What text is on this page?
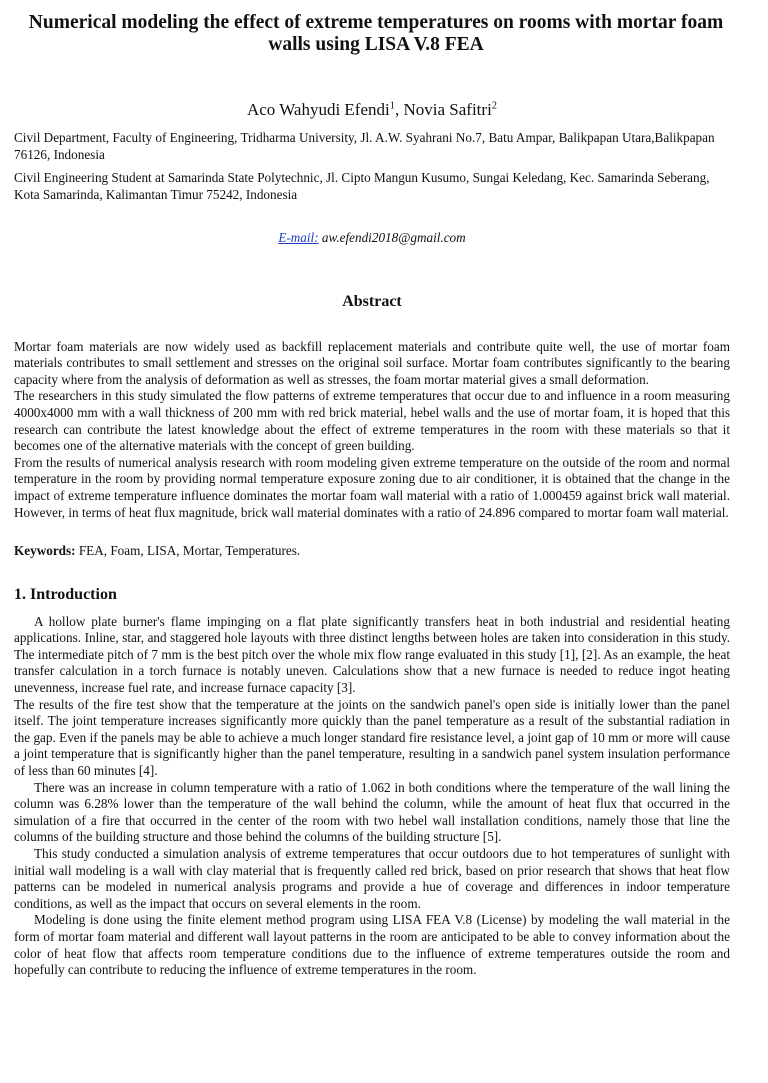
Numerical modeling the effect of extreme temperatures on rooms with mortar foam walls using LISA V.8 FEA
Aco Wahyudi Efendi$^1$, Novia Safitri$^2$
Civil Department, Faculty of Engineering, Tridharma University, Jl. A.W. Syahrani No.7, Batu Ampar, Balikpapan Utara,Balikpapan 76126, Indonesia
Civil Engineering Student at Samarinda State Polytechnic, Jl. Cipto Mangun Kusumo, Sungai Keledang, Kec. Samarinda Seberang, Kota Samarinda, Kalimantan Timur 75242, Indonesia
E-mail: aw.efendi2018@gmail.com
Abstract

Mortar foam materials are now widely used as backfill replacement materials and contribute quite well, the use of mortar foam materials contributes to small settlement and stresses on the original soil surface. Mortar foam contributes significantly to the bearing capacity where from the analysis of deformation as well as stresses, the foam mortar material gives a small deformation.

The researchers in this study simulated the flow patterns of extreme temperatures that occur due to and influence in a room measuring 4000x4000 mm with a wall thickness of 200 mm with red brick material, hebel walls and the use of mortar foam, it is hoped that this research can contribute the latest knowledge about the effect of extreme temperatures in the room with these materials so that it becomes one of the alternative materials with the concept of green building.

From the results of numerical analysis research with room modeling given extreme temperature on the outside of the room and normal temperature in the room by providing normal temperature exposure zoning due to air conditioner, it is obtained that the change in the impact of extreme temperature influence dominates the mortar foam wall material with a ratio of 1.000459 against brick wall material. However, in terms of heat flux magnitude, brick wall material dominates with a ratio of 24.896 compared to mortar foam wall material.

Keywords: FEA, Foam, LISA, Mortar, Temperatures.
1. Introduction

A hollow plate burner's flame impinging on a flat plate significantly transfers heat in both industrial and residential heating applications. Inline, star, and staggered hole layouts with three distinct lengths between holes are taken into consideration in this study. The intermediate pitch of 7 mm is the best pitch over the whole mix flow range evaluated in this study [1], [2]. As an example, the heat transfer calculation in a torch furnace is notably uneven. Calculations show that a new furnace is needed to reduce ingot heating unevenness, increase fuel rate, and increase furnace capacity [3].

The results of the fire test show that the temperature at the joints on the sandwich panel's open side is initially lower than the panel itself. The joint temperature increases significantly more quickly than the panel temperature as a result of the substantial radiation in the gap. Even if the panels may be able to achieve a much longer standard fire resistance level, a joint gap of 10 mm or more will cause a joint temperature that is significantly higher than the panel temperature, resulting in a sandwich panel system insulation performance of less than 60 minutes [4].

There was an increase in column temperature with a ratio of 1.062 in both conditions where the temperature of the wall lining the column was 6.28% lower than the temperature of the wall behind the column, while the amount of heat flux that occurred in the simulation of a fire that occurred in the center of the room with two hebel wall installation conditions, namely those that line the columns of the building structure and those behind the columns of the building structure [5].

This study conducted a simulation analysis of extreme temperatures that occur outdoors due to hot temperatures of sunlight with initial wall modeling is a wall with clay material that is frequently called red brick, based on prior research that shows that heat flow patterns can be modeled in numerical analysis programs and provide a hue of coverage and differences in indoor temperature conditions, as well as the impact that occurs on several elements in the room.

Modeling is done using the finite element method program using LISA FEA V.8 (License) by modeling the wall material in the form of mortar foam material and different wall layout patterns in the room are anticipated to be able to convey information about the color of heat flow that affects room temperature conditions due to the influence of extreme temperatures outside the room and hopefully can contribute to reducing the influence of extreme temperatures in the room.
